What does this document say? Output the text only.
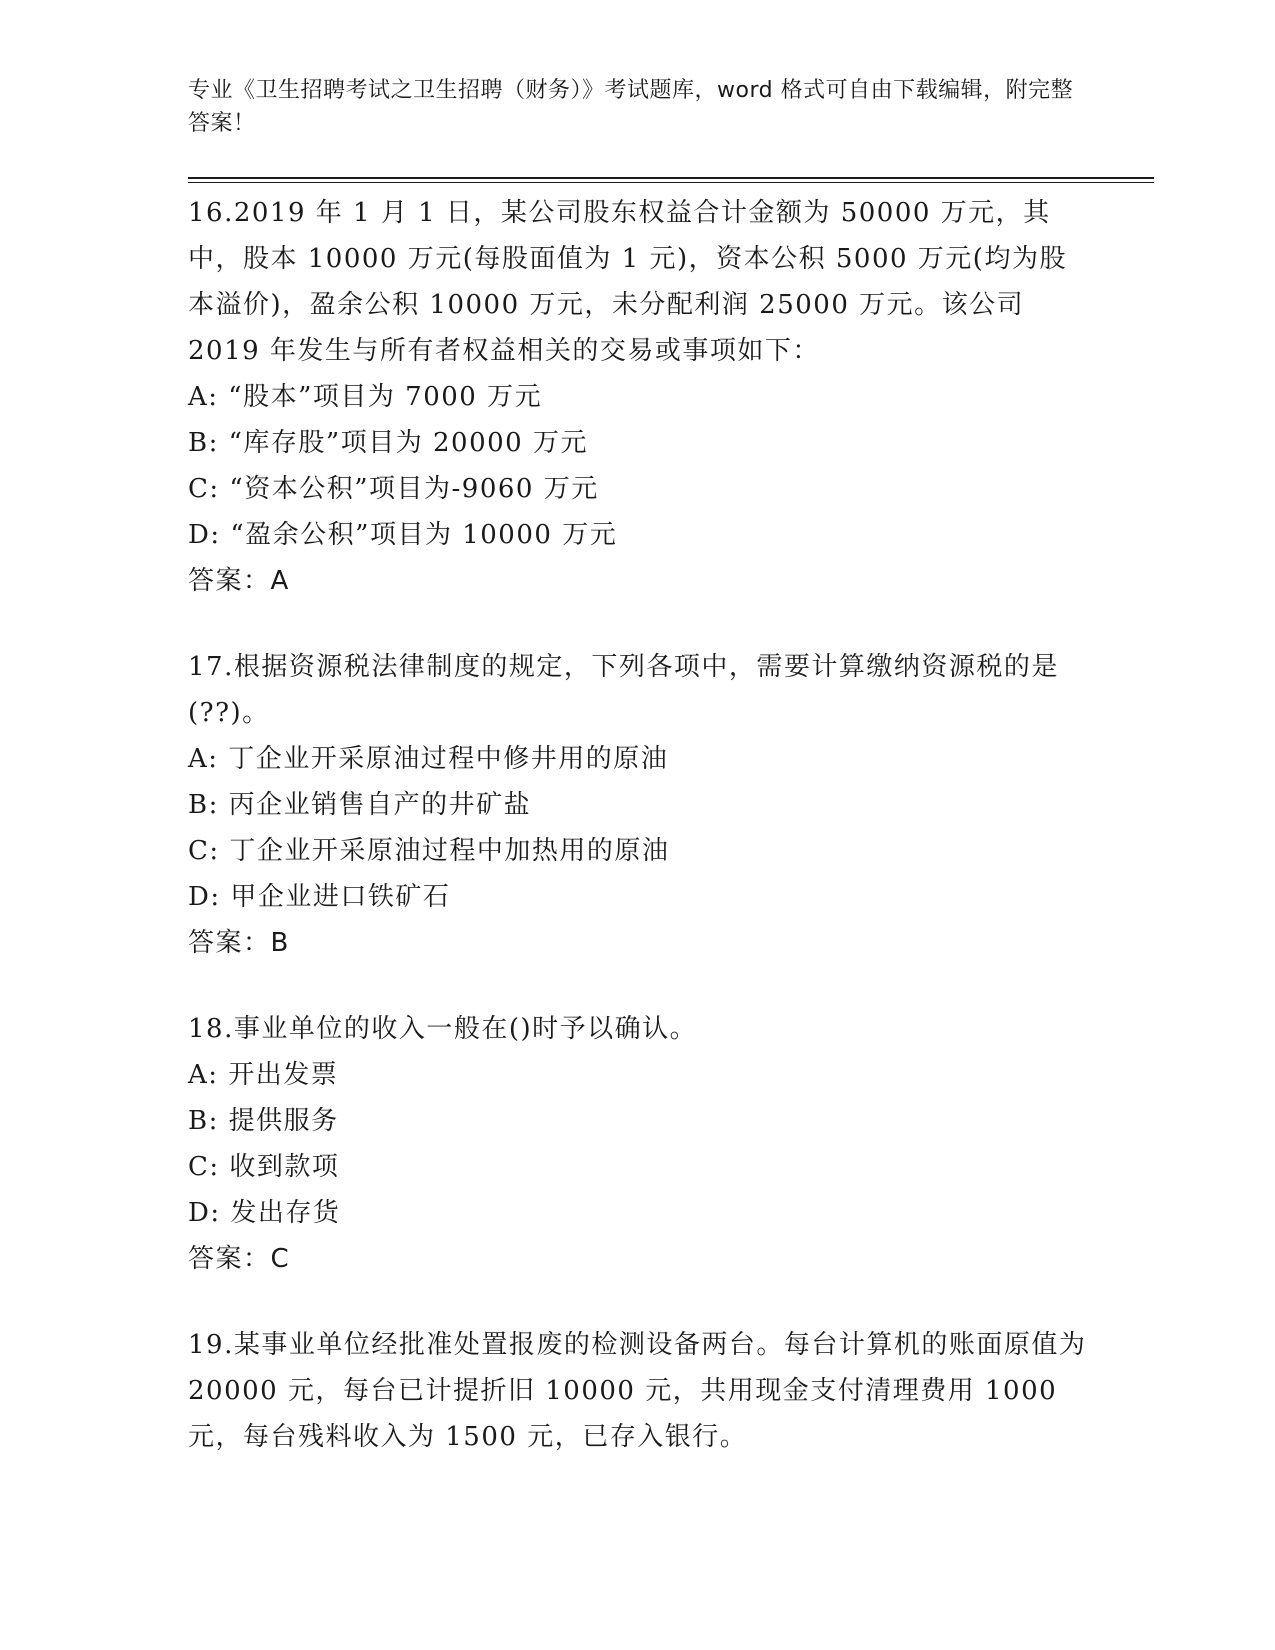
专业《卫生招聘考试之卫生招聘（财务）》考试题库，word 格式可自由下载编辑，附完整答案！
16.2019 年 1 月 1 日，某公司股东权益合计金额为 50000 万元，其中，股本 10000 万元(每股面值为 1 元)，资本公积 5000 万元(均为股本溢价)，盈余公积 10000 万元，未分配利润 25000 万元。该公司 2019 年发生与所有者权益相关的交易或事项如下：
A: “股本”项目为 7000 万元
B: “库存股”项目为 20000 万元
C: “资本公积”项目为-9060 万元
D: “盈余公积”项目为 10000 万元
答案：A
17.根据资源税法律制度的规定，下列各项中，需要计算缴纳资源税的是(??)。
A: 丁企业开采原油过程中修井用的原油
B: 丙企业销售自产的井矿盐
C: 丁企业开采原油过程中加热用的原油
D: 甲企业进口铁矿石
答案：B
18.事业单位的收入一般在()时予以确认。
A: 开出发票
B: 提供服务
C: 收到款项
D: 发出存货
答案：C
19.某事业单位经批准处置报废的检测设备两台。每台计算机的账面原值为 20000 元，每台已计提折旧 10000 元，共用现金支付清理费用 1000 元，每台残料收入为 1500 元，已存入银行。
